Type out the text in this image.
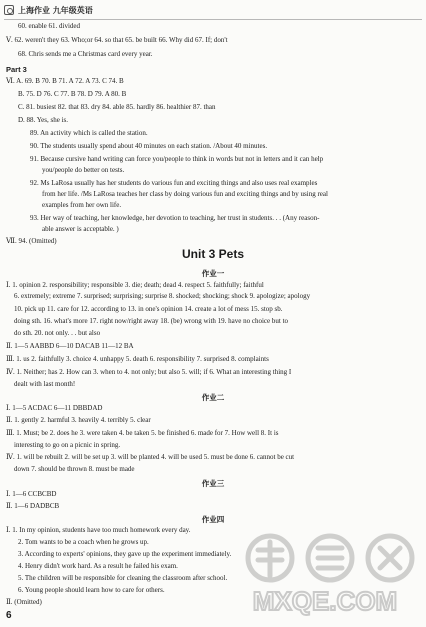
上海作业 九年级英语
60. enable 61. divided
Ⅴ. 62. weren't they 63. Who;or 64. so that 65. be built 66. Why did 67. If; don't
68. Chris sends me a Christmas card every year.
Part 3
Ⅵ. A. 69. B 70. B 71. A 72. A 73. C 74. B
B. 75. D 76. C 77. B 78. D 79. A 80. B
C. 81. busiest 82. that 83. dry 84. able 85. hardly 86. healthier 87. than
D. 88. Yes, she is.
89. An activity which is called the station.
90. The students usually spend about 40 minutes on each station. /About 40 minutes.
91. Because cursive hand writing can force you/people to think in words but not in letters and it can help
you/people do better on tests.
92. Ms LaRosa usually has her students do various fun and exciting things and also uses real examples
from her life. /Ms LaRosa teaches her class by doing various fun and exciting things and by using real
examples from her own life.
93. Her way of teaching, her knowledge, her devotion to teaching, her trust in students. . . (Any reason-
able answer is acceptable. )
Ⅶ. 94. (Omitted)
Unit 3 Pets
作业一
Ⅰ. 1. opinion 2. responsibility; responsible 3. die; death; dead 4. respect 5. faithfully; faithful
6. extremely; extreme 7. surprised; surprising; surprise 8. shocked; shocking; shock 9. apologize; apology
10. pick up 11. care for 12. according to 13. in one's opinion 14. create a lot of mess 15. stop sb.
doing sth. 16. what's more 17. right now/right away 18. (be) wrong with 19. have no choice but to
do sth. 20. not only. . . but also
Ⅱ. 1—5 AABBD 6—10 DACAB 11—12 BA
Ⅲ. 1. us 2. faithfully 3. choice 4. unhappy 5. death 6. responsibility 7. surprised 8. complaints
Ⅳ. 1. Neither; has 2. How can 3. when to 4. not only; but also 5. will; if 6. What an interesting thing I
dealt with last month!
作业二
Ⅰ. 1—5 ACDAC 6—11 DBBDAD
Ⅱ. 1. gently 2. harmful 3. heavily 4. terribly 5. clear
Ⅲ. 1. Must; be 2. does he 3. were taken 4. be taken 5. be finished 6. made for 7. How well 8. It is
interesting to go on a picnic in spring.
Ⅳ. 1. will be rebuilt 2. will be set up 3. will be planted 4. will be used 5. must be done 6. cannot be cut
down 7. should be thrown 8. must be made
作业三
Ⅰ. 1—6 CCBCBD
Ⅱ. 1—6 DADBCB
作业四
Ⅰ. 1. In my opinion, students have too much homework every day.
2. Tom wants to be a coach when he grows up.
3. According to experts' opinions, they gave up the experiment immediately.
4. Henry didn't work hard. As a result he failed his exam.
5. The children will be responsible for cleaning the classroom after school.
6. Young people should learn how to care for others.
Ⅱ. (Omitted)	MXQE.COM
6
